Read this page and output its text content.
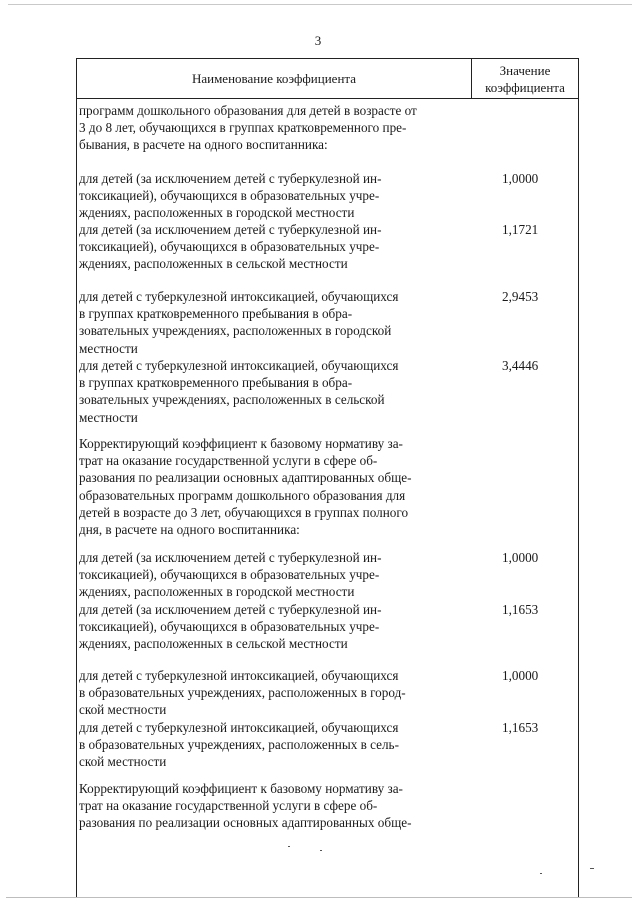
3
Наименование коэффициента
Значение
коэффициента
программ дошкольного образования для детей в возрасте от
3 до 8 лет, обучающихся в группах кратковременного пре-
бывания, в расчете на одного воспитанника:
для детей (за исключением детей с туберкулезной ин-
токсикацией), обучающихся в образовательных учре-
ждениях, расположенных в городской местности
1,0000
для детей (за исключением детей с туберкулезной ин-
токсикацией), обучающихся в образовательных учре-
ждениях, расположенных в сельской местности
1,1721
для детей с туберкулезной интоксикацией, обучающихся
в группах кратковременного пребывания в обра-
зовательных учреждениях, расположенных в городской
местности
2,9453
для детей с туберкулезной интоксикацией, обучающихся
в группах кратковременного пребывания в обра-
зовательных учреждениях, расположенных в сельской
местности
3,4446
Корректирующий коэффициент к базовому нормативу за-
трат на оказание государственной услуги в сфере об-
разования по реализации основных адаптированных обще-
образовательных программ дошкольного образования для
детей в возрасте до 3 лет, обучающихся в группах полного
дня, в расчете на одного воспитанника:
для детей (за исключением детей с туберкулезной ин-
токсикацией), обучающихся в образовательных учре-
ждениях, расположенных в городской местности
1,0000
для детей (за исключением детей с туберкулезной ин-
токсикацией), обучающихся в образовательных учре-
ждениях, расположенных в сельской местности
1,1653
для детей с туберкулезной интоксикацией, обучающихся
в образовательных учреждениях, расположенных в город-
ской местности
1,0000
для детей с туберкулезной интоксикацией, обучающихся
в образовательных учреждениях, расположенных в сель-
ской местности
1,1653
Корректирующий коэффициент к базовому нормативу за-
трат на оказание государственной услуги в сфере об-
разования по реализации основных адаптированных обще-
